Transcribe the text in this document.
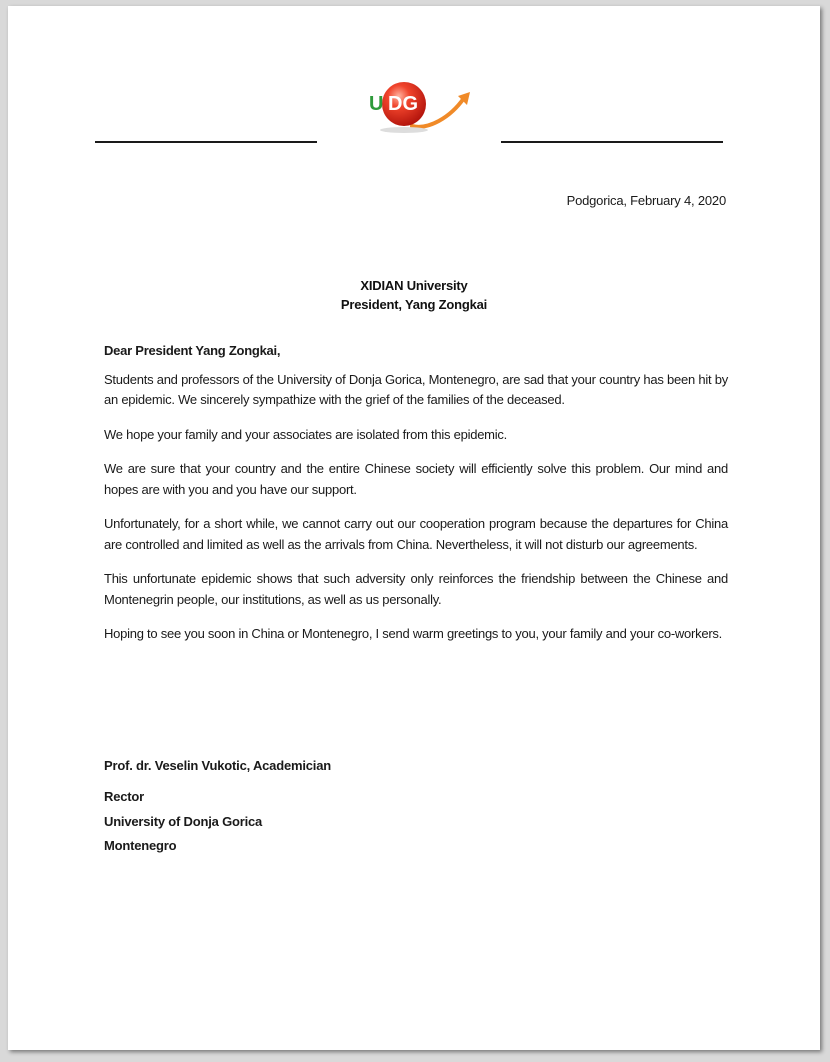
U DG
Podgorica, February 4, 2020
XIDIAN University
President, Yang Zongkai

Dear President Yang Zongkai,

Students and professors of the University of Donja Gorica, Montenegro, are sad that your country has been hit by an epidemic. We sincerely sympathize with the grief of the families of the deceased.

We hope your family and your associates are isolated from this epidemic.

We are sure that your country and the entire Chinese society will efficiently solve this problem. Our mind and hopes are with you and you have our support.

Unfortunately, for a short while, we cannot carry out our cooperation program because the departures for China are controlled and limited as well as the arrivals from China. Nevertheless, it will not disturb our agreements.

This unfortunate epidemic shows that such adversity only reinforces the friendship between the Chinese and Montenegrin people, our institutions, as well as us personally.

Hoping to see you soon in China or Montenegro, I send warm greetings to you, your family and your co-workers.

Prof. dr. Veselin Vukotic, Academician

Rector

University of Donja Gorica

Montenegro
